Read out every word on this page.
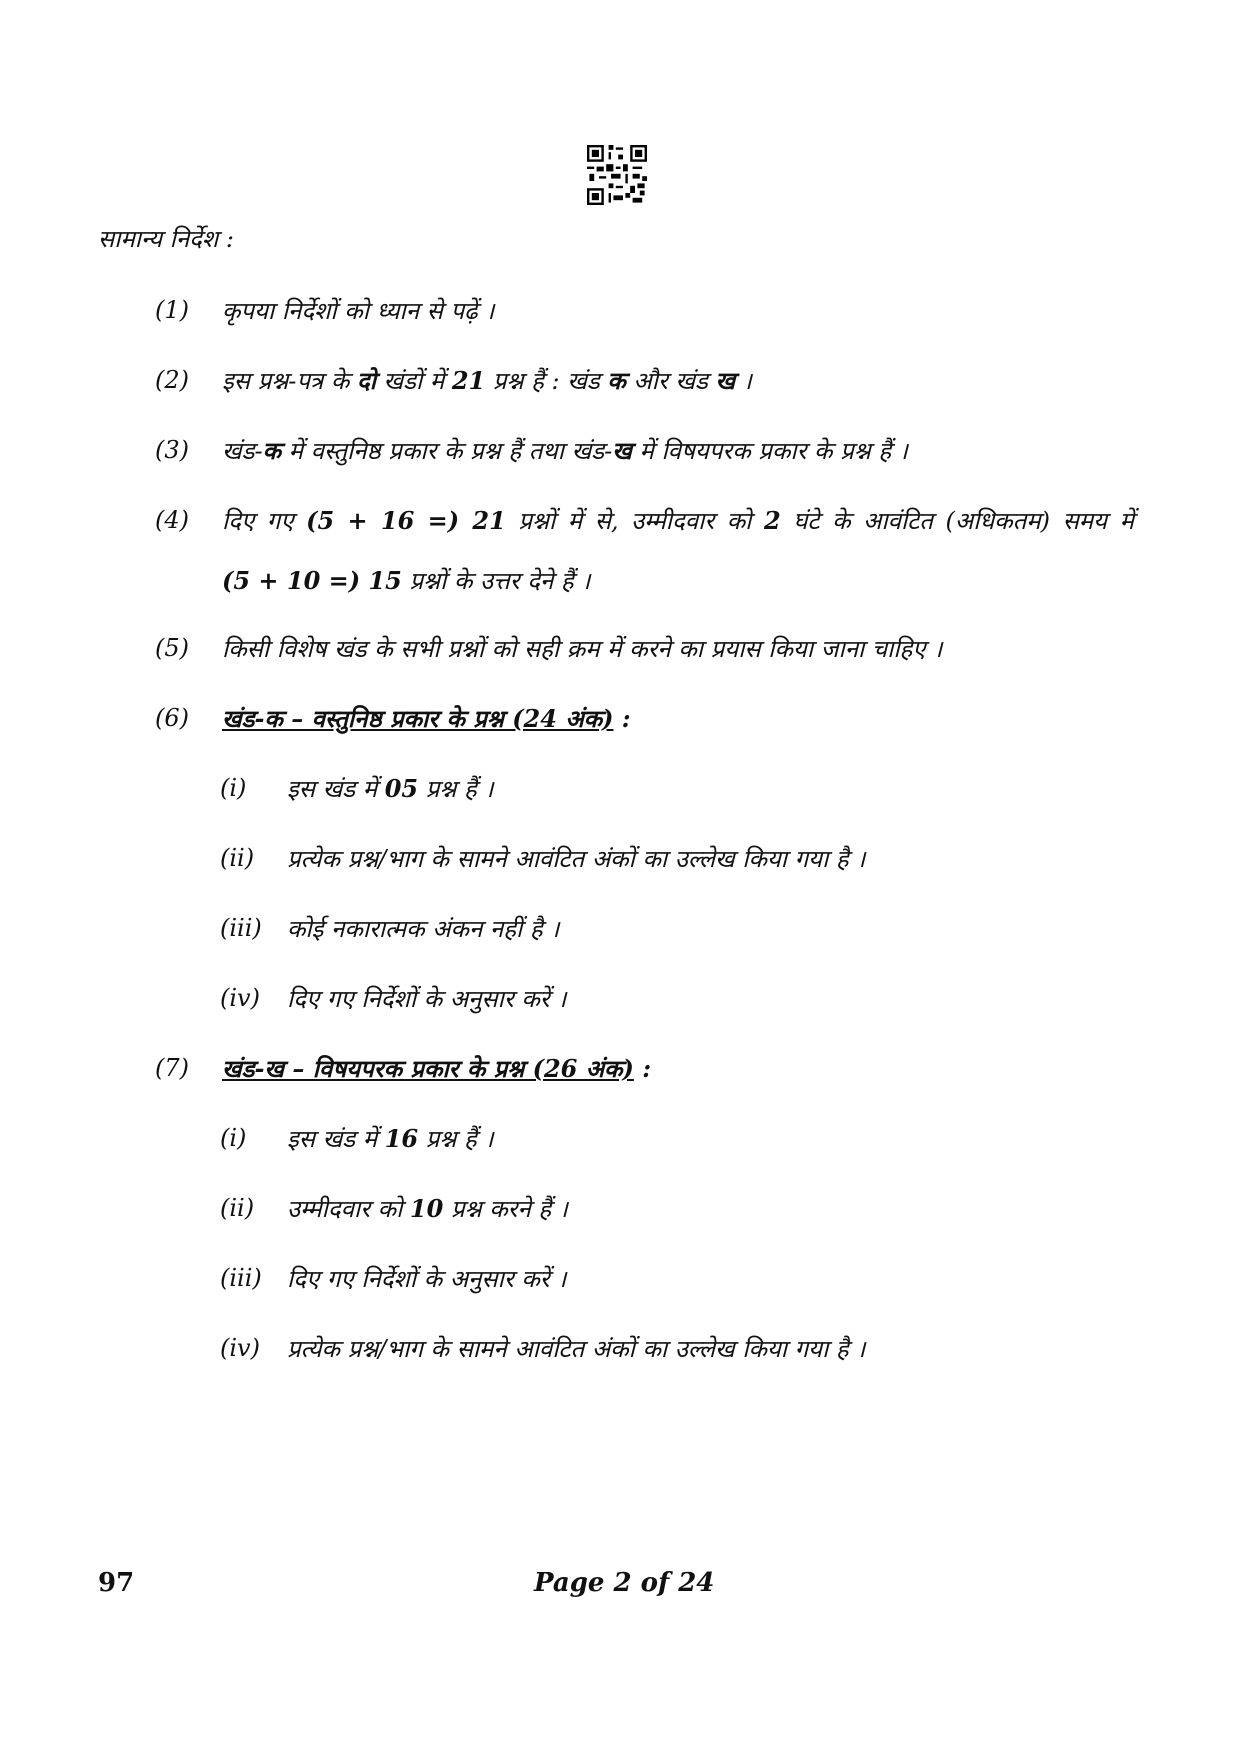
सामान्य निर्देश :
(1) कृपया निर्देशों को ध्यान से पढ़ें ।
(2) इस प्रश्न-पत्र के दो खंडों में 21 प्रश्न हैं : खंड क और खंड ख ।
(3) खंड-क में वस्तुनिष्ठ प्रकार के प्रश्न हैं तथा खंड-ख में विषयपरक प्रकार के प्रश्न हैं ।
(4) दिए गए (5 + 16 =) 21 प्रश्नों में से, उम्मीदवार को 2 घंटे के आवंटित (अधिकतम) समय में
(5 + 10 =) 15 प्रश्नों के उत्तर देने हैं ।
(5) किसी विशेष खंड के सभी प्रश्नों को सही क्रम में करने का प्रयास किया जाना चाहिए ।
(6) खंड-क – वस्तुनिष्ठ प्रकार के प्रश्न (24 अंक) :
(i) इस खंड में 05 प्रश्न हैं ।
(ii) प्रत्येक प्रश्न/भाग के सामने आवंटित अंकों का उल्लेख किया गया है ।
(iii) कोई नकारात्मक अंकन नहीं है ।
(iv) दिए गए निर्देशों के अनुसार करें ।
(7) खंड-ख – विषयपरक प्रकार के प्रश्न (26 अंक) :
(i) इस खंड में 16 प्रश्न हैं ।
(ii) उम्मीदवार को 10 प्रश्न करने हैं ।
(iii) दिए गए निर्देशों के अनुसार करें ।
(iv) प्रत्येक प्रश्न/भाग के सामने आवंटित अंकों का उल्लेख किया गया है ।
97	Page 2 of 24
